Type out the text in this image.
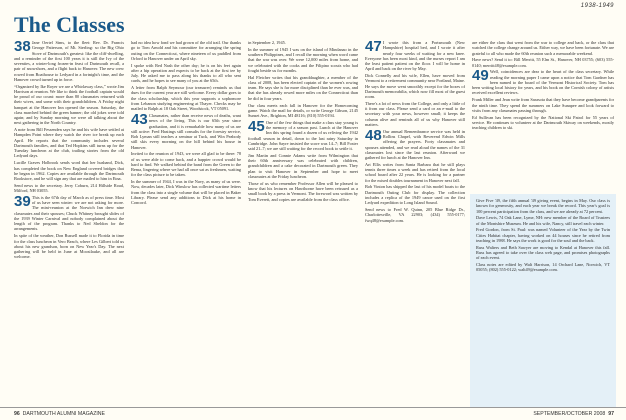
1938-1949
The Classes

38 Jane Oertel Sims, to the fleet: Rev. Dr. Francis George Patterson, of Mt. Sterling: so the Big Ohio Stove of Dartmouth's greatest: like the cliff-dwelling, and a reminder of the first 100 years it is still the Ivy of the seventies, a winter-long frozen-in feast of Dartmouth recall, a pair of snowshoes, and a flight back to Hanover. The new crew rowed from Boathouse to Ledyard in a fortnight's time, and the Hanover crowd turned up in force.

“Organized by Ike Royer we are a Whirlaway class,” wrote Jim Harrison at reunion. We like to think the football captain would be proud of our count: more than 80 classmates returned with their wives, and some with their grandchildren. A Friday night banquet at the Hanover Inn opened the season. Saturday, the class marched behind the green banner; the old jokes were told again; and by Sunday morning we were all talking about the next gathering in the North Country.

A note from Bill Fessenden says he and his wife have settled at Hampden Point where they watch the river ice break up each April. He reports that the community includes several Dartmouth families, and that Ted Hopkins still turns up for the Tuesday luncheon at the club, trailing stories from the old Ledyard days.

Lucille Graves Holbrook sends word that her husband, Dick, has completed the book on New England covered bridges that he began in 1962. Copies are available through the Dartmouth Bookstore, and he will sign any that are mailed to him in Etna.

Send news to the secretary. Jerry Coburn, 214 Hillside Road, Milford, NH 03055.

39 This is the 67th day of March as of press time. Most of us have seen winter: we are not asking for more. The mini-reunion at the Norwich Inn drew nine classmates and their spouses; Chuck Whitney brought slides of the 1939 Winter Carnival and nobody complained about the length of the program. Thanks to Ned Sheldon for the arrangements.

In spite of the weather, Don Russell made it to Florida in time for the class luncheon in Vero Beach, where Les Gilbert told us about his new grandson, born on New Year's Day. The next gathering will be held in June at Moosilauke, and all are welcome.

had no idea how fond we had grown of the old trail. Our thanks go to Tom Arnold and his committee for arranging the spring outing on the Connecticut, where nineteen of us paddled from Orford to Hanover under an April sky.

I spoke with Red Nash the other day; he is on his feet again after a hip operation and expects to be back at the first tee by July. He asked me to pass along his thanks to all who sent cards, and he hopes to see many of you at the 65th.

A letter from Ralph Seymour (our treasurer) reminds us that dues for the current year are still welcome. Every dollar goes to the class scholarship, which this year supports a sophomore from Lebanon studying engineering at Thayer. Checks may be mailed to Ralph at 18 Oak Street, Woodstock, VT 05091.

43 Classmates, rather than receive news of deaths, want news of the living. This is our 65th year since graduation, and it is remarkable how many of us are still active: Fred Hastings still consults for the forestry service, Bob Lyman still teaches a seminar at Tuck, and Win Peabody still skis every morning on the hill behind his house in Hanover.

Invited to the reunion of 1943, we were all glad to be there: 78 of us were able to come back, and a happier crowd would be hard to find. We walked behind the band from the Green to the Bema, lingering where we had all once sat as freshmen, waiting for the class picture to be taken.

In the summer of 1944, I was in the Navy, as many of us were. Now, decades later, Dick Winslow has collected wartime letters from the class into a single volume that will be placed in Baker Library. Please send any additions to Dick at his home in Concord.

in September 2, 1945.

In the summer of 1945 I was on the island of Mindanao in the southern Philippines, and I recall the morning when word came that the war was over. We were 12,000 miles from home, and we celebrated with the cooks and the Filipino scouts who had fought beside us for months.

Hal Fletcher writes that his granddaughter, a member of the class of 2008, has been elected captain of the women's rowing team. He says she is far more disciplined than he ever was, and that she has already rowed more miles on the Connecticut than he did in four years.

Our class meets each fall in Hanover for the Homecoming game. Watch the mail for details, or write George Gibson, 2145 Sunset Ave., Brighton, MI 48116; (810) 555-0194.

45 One of the few things that make a class stay young is the memory of a season past. Lunch at the Hanover Inn this spring found a dozen of us reliving the 1942 football season in detail, down to the last rainy Saturday in Cambridge. John Sayre insisted the score was 14–7; Bill Foster said 21–7; we are still waiting for the record book to settle it.

Jim Martin and Connie Adams write from Wilmington that their 60th anniversary was celebrated with children, grandchildren and a cake decorated in Dartmouth green. They plan to visit Hanover in September and hope to meet classmates at the Friday luncheon.

Those of us who remember Professor Allen will be pleased to know that his lectures on Hawthorne have been reissued as a small book by a press in Vermont. The foreword was written by Tom Everett, and copies are available from the class office.

47 I wrote this from a Portsmouth (New Hampshire) hospital bed, and I wrote it after nearly four weeks of waiting for a new knee. Everyone has been most kind, and the nurses report I am the least patient patient on the floor. I will be home in April and back on the river by May.

Dick Connelly and his wife, Ellen, have moved from Vermont to a retirement community near Portland, Maine. He says the move went smoothly except for the boxes of Dartmouth memorabilia, which now fill most of the guest room.

There's a lot of news from the College, and only a little of it from our class. Please send a card or an e-mail to the secretary with your news, however small; it keeps the column alive and reminds all of us why Hanover still matters.

48 Our annual Remembrance service was held in Rollins Chapel, with Reverend Edwin Mills offering the prayers. Forty classmates and spouses attended, and we read aloud the names of the 31 classmates lost since the last reunion. Afterward we gathered for lunch at the Hanover Inn.

Art Ellis writes from Santa Barbara that he still plays tennis three times a week and has retired from the local school board after 22 years. He is looking for a partner for the mixed doubles tournament in Hanover next fall.

Bob Vinton has shipped the last of his model boats to the Dartmouth Outing Club for display. The collection includes a replica of the 1949 canoe used on the first Ledyard expedition to Long Island Sound.

Send news to Fred W. Quinn, 205 Blue Ridge Dr., Charlottesville, VA 22903; (434) 555-0177; fwq48@example.com.

are either the class that went from the war to college and back, or the class that watched the college change around us. Either way, we have been fortunate. We are grateful to all who made the 60th reunion such a memorable weekend.

Have news? Send it to: Bill Merritt, 55 Elm St., Hanover, NH 03755; (603) 555-0140; merritt48@example.com.

49 Well, coincidences are dear to the heart of the class secretary. While reading the morning paper I came upon a notice that Tom Gardner has been named to the board of the Vermont Historical Society. Tom has been writing local history for years, and his book on the Cornish colony of artists received excellent reviews.

Frank Miller and Jean write from Sarasota that they have become grandparents for the ninth time. They spend the summers on Lake Sunapee and look forward to visits from any classmates passing through.

Ed Sullivan has been recognized by the National Ski Patrol for 55 years of service. He continues to volunteer at the Dartmouth Skiway on weekends, mostly teaching children to ski.

Give Five '49, the fifth annual '49 giving event, begins in May. Our class is known for generosity, and each year we break the record. This year's goal is 100 percent participation from the class, and we are already at 72 percent.

Dave Lewis, 74 Oak Lane, Lyme, NH: new member of the Board of Trustees of the Montshire Museum. He and his wife, Nancy, still travel each winter.

Fred Gordon, from St. Paul: was named Volunteer of the Year by the Twin Cities Habitat chapter, having worked on 44 houses since he retired from teaching in 1988. He says the work is good for the soul and the back.

Russ Walters and Beth Sawyer are moving to Kendal at Hanover this fall. Russ has agreed to take over the class web page, and promises photographs of each event.

Class notes are edited by Walt Harrison, 14 Orchard Lane, Norwich, VT 05055; (802) 555-0122; walt49@example.com.

96 DARTMOUTH ALUMNI MAGAZINE	SEPTEMBER/OCTOBER 2008 97
